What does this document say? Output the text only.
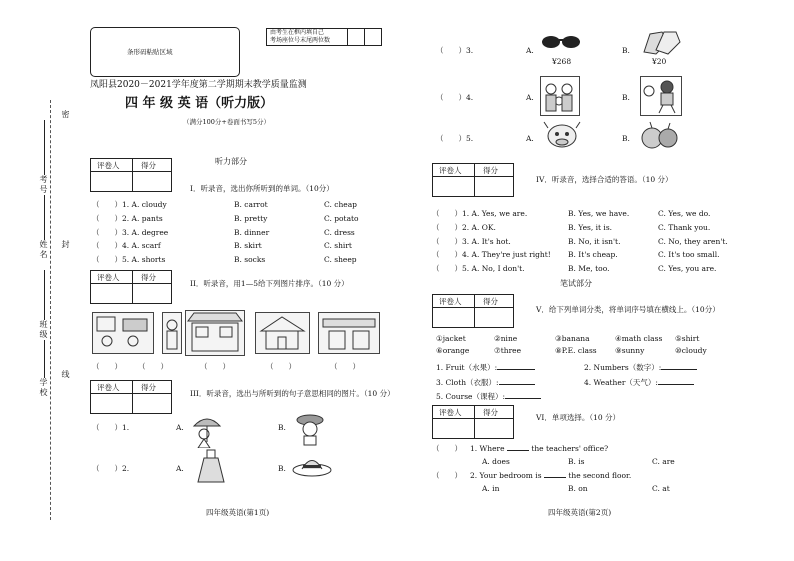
密
封
线
考号
姓名
班级
学校
条形码粘贴区域
由考生在框内填自己
考场座位号末尾两位数
凤阳县2020－2021学年度第二学期期末教学质量监测
四 年 级 英 语（听力版）
（满分100分+卷面书写5分）
评卷人	得分	听力部分
I．听录音，选出你所听到的单词。（10分）
（　　）1. A. cloudy	B. carrot	C. cheap
（　　）2. A. pants	B. pretty	C. potato
（　　）3. A. degree	B. dinner	C. dress
（　　）4. A. scarf	B. skirt	C. shirt
（　　）5. A. shorts	B. socks	C. sheep
评卷人	得分
II．听录音，用1—5给下列图片排序。（10 分）
（　　） （　　）	（　　）	（　　）	（　　）
评卷人	得分
III．听录音，选出与所听到的句子意思相同的图片。（10 分）
（　　）1.	A.	B.
（　　）2.	A.	B.
四年级英语(第1页)
（　　）3.	A.
¥268
B.
¥20
（　　）4.	A.	B.
（　　）5.	A.	B.
评卷人	得分
IV．听录音，选择合适的答语。（10 分）
（　　）1. A. Yes, we are.	B. Yes, we have.	C. Yes, we do.
（　　）2. A. OK.	B. Yes, it is.	C. Thank you.
（　　）3. A. It's hot.	B. No, it isn't.	C. No, they aren't.
（　　）4. A. They're just right! B. It's cheap.	C. It's too small.
（　　）5. A. No, I don't.	B. Me, too.	C. Yes, you are.
笔试部分
评卷人	得分
V．给下列单词分类，将单词序号填在横线上。（10分）
①jacket	②nine	③banana	④math class ⑤shirt
⑥orange	⑦three	⑧P.E. class ⑨sunny	⑩cloudy
1. Fruit（水果）:	2. Numbers（数字）:
3. Cloth（衣服）:	4. Weather（天气）:
5. Course（课程）:
评卷人	得分
VI．单项选择。（10 分）
（　　） 1. Where	the teachers' office?
A. does	B. is	C. are
（　　） 2. Your bedroom is	the second floor.
A. in	B. on	C. at
四年级英语(第2页)
